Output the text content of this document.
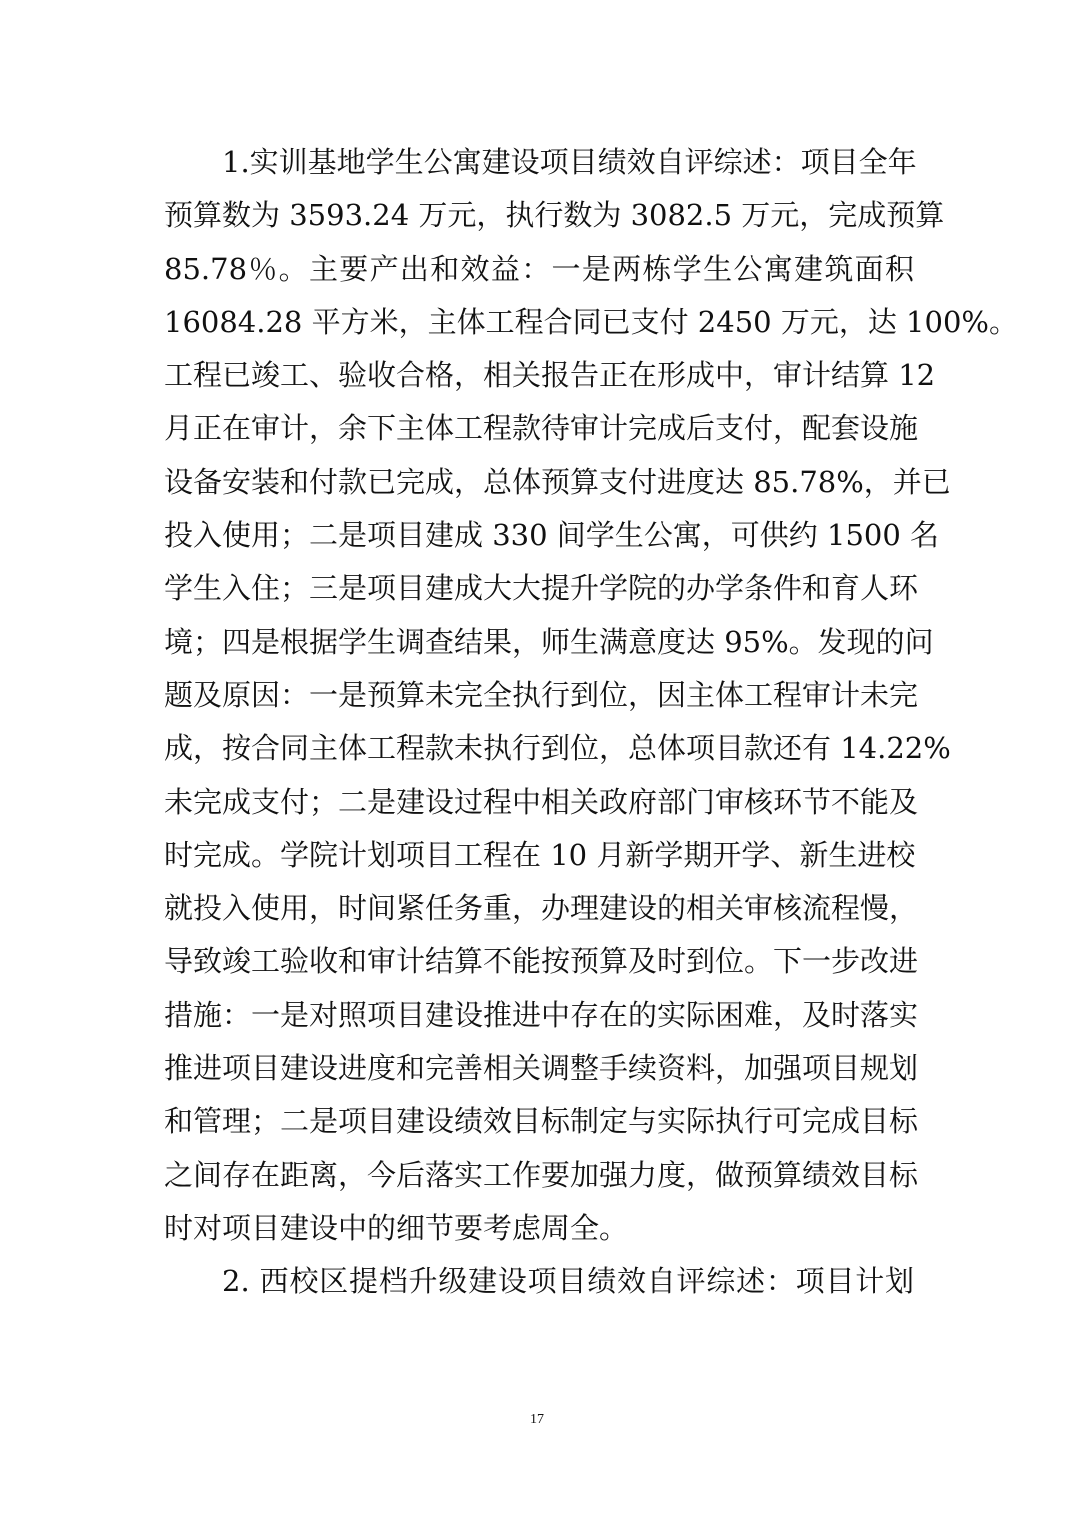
1.实训基地学生公寓建设项目绩效自评综述：项目全年
预算数为 3593.24 万元，执行数为 3082.5 万元，完成预算
85.78％。主要产出和效益：一是两栋学生公寓建筑面积
16084.28 平方米，主体工程合同已支付 2450 万元，达 100%。
工程已竣工、验收合格，相关报告正在形成中，审计结算 12
月正在审计，余下主体工程款待审计完成后支付，配套设施
设备安装和付款已完成，总体预算支付进度达 85.78%，并已
投入使用；二是项目建成 330 间学生公寓，可供约 1500 名
学生入住；三是项目建成大大提升学院的办学条件和育人环
境；四是根据学生调查结果，师生满意度达 95%。发现的问
题及原因：一是预算未完全执行到位，因主体工程审计未完
成，按合同主体工程款未执行到位，总体项目款还有 14.22%
未完成支付；二是建设过程中相关政府部门审核环节不能及
时完成。学院计划项目工程在 10 月新学期开学、新生进校
就投入使用，时间紧任务重，办理建设的相关审核流程慢，
导致竣工验收和审计结算不能按预算及时到位。下一步改进
措施：一是对照项目建设推进中存在的实际困难，及时落实
推进项目建设进度和完善相关调整手续资料，加强项目规划
和管理；二是项目建设绩效目标制定与实际执行可完成目标
之间存在距离，今后落实工作要加强力度，做预算绩效目标
时对项目建设中的细节要考虑周全。
2. 西校区提档升级建设项目绩效自评综述：项目计划
17
